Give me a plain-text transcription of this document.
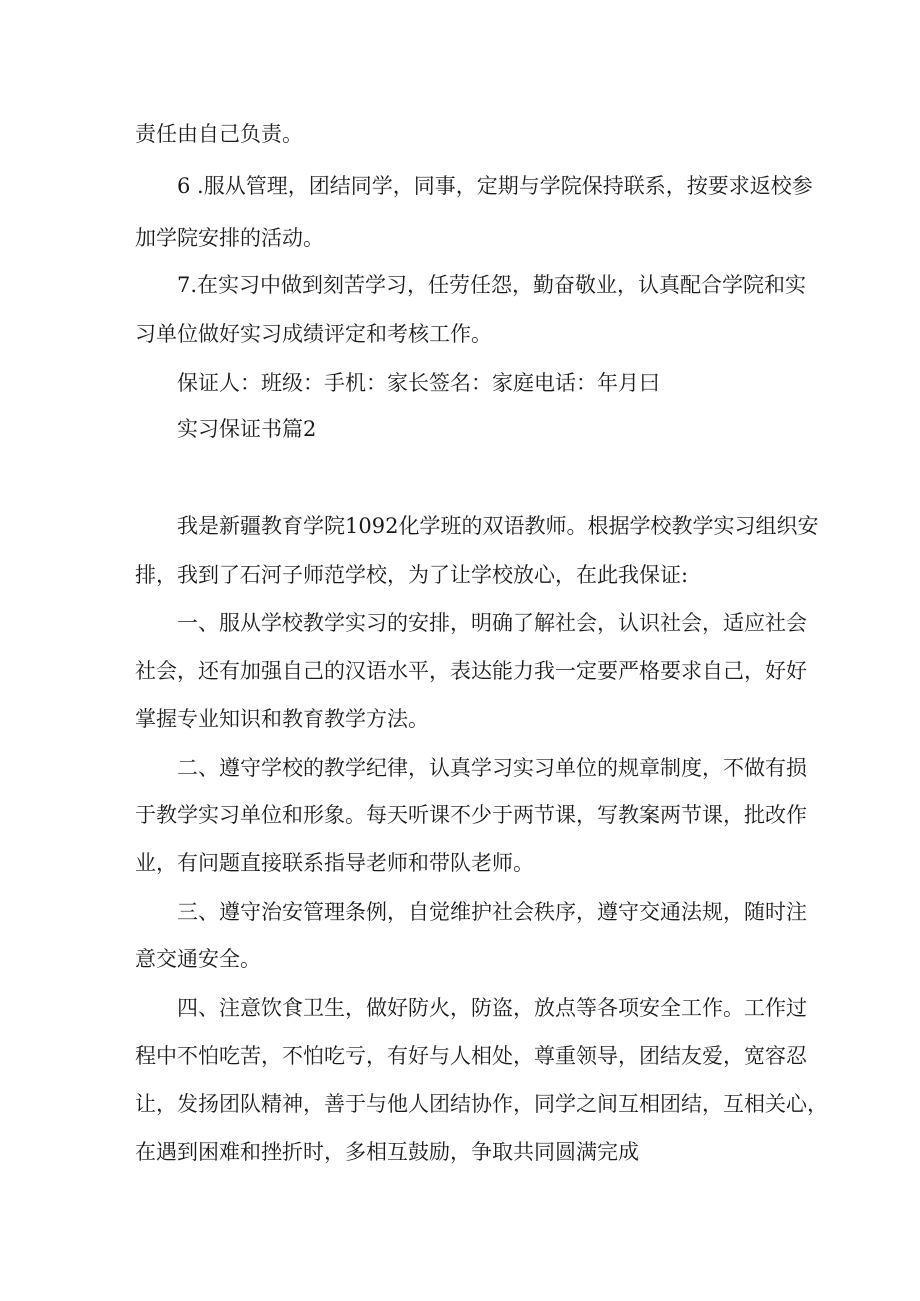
责任由自己负责。
6 .服从管理，团结同学，同事，定期与学院保持联系，按要求返校参
加学院安排的活动。
7.在实习中做到刻苦学习，任劳任怨，勤奋敬业，认真配合学院和实
习单位做好实习成绩评定和考核工作。
保证人：班级：手机：家长签名：家庭电话：年月曰
实习保证书篇2
我是新疆教育学院1092化学班的双语教师。根据学校教学实习组织安
排，我到了石河子师范学校，为了让学校放心，在此我保证:
一、服从学校教学实习的安排，明确了解社会，认识社会，适应社会
社会，还有加强自己的汉语水平，表达能力我一定要严格要求自己，好好
掌握专业知识和教育教学方法。
二、遵守学校的教学纪律，认真学习实习单位的规章制度，不做有损
于教学实习单位和形象。每天听课不少于两节课，写教案两节课，批改作
业，有问题直接联系指导老师和带队老师。
三、遵守治安管理条例，自觉维护社会秩序，遵守交通法规，随时注
意交通安全。
四、注意饮食卫生，做好防火，防盗，放点等各项安全工作。工作过
程中不怕吃苦，不怕吃亏，有好与人相处，尊重领导，团结友爱，宽容忍
让，发扬团队精神，善于与他人团结协作，同学之间互相团结，互相关心，
在遇到困难和挫折时，多相互鼓励，争取共同圆满完成
